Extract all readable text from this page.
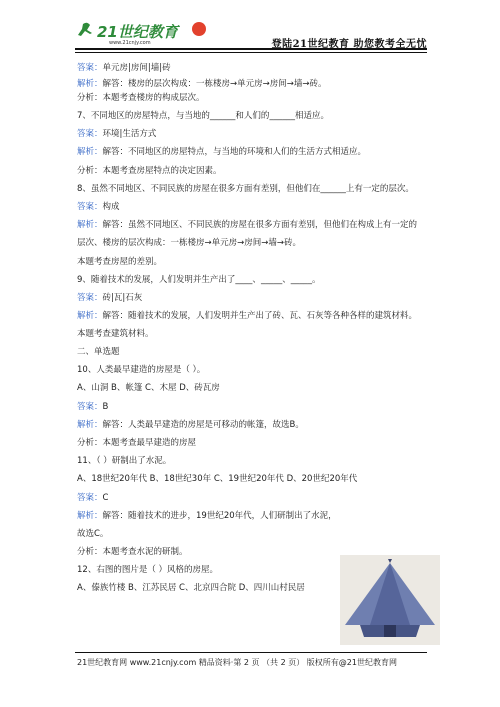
21世纪教育
www.21cnjy.com	登陆21世纪教育 助您教考全无忧
答案：单元房|房间|墙|砖
解析：解答：楼房的层次构成：一栋楼房→单元房→房间→墙→砖。
分析：本题考查楼房的构成层次。
7、不同地区的房屋特点，与当地的______和人们的______相适应。
答案：环境|生活方式
解析：解答：不同地区的房屋特点，与当地的环境和人们的生活方式相适应。
分析：本题考查房屋特点的决定因素。
8、虽然不同地区、不同民族的房屋在很多方面有差别，但他们在______上有一定的层次。
答案：构成
解析：解答：虽然不同地区、不同民族的房屋在很多方面有差别，但他们在构成上有一定的
层次、楼房的层次构成：一栋楼房→单元房→房间→墙→砖。
本题考查房屋的差别。
9、随着技术的发展，人们发明并生产出了____、_____、_____。
答案：砖|瓦|石灰
解析：解答：随着技术的发展，人们发明并生产出了砖、瓦、石灰等各种各样的建筑材料。
本题考查建筑材料。
二、单选题
10、人类最早建造的房屋是（ ）。
A、山洞 B、帐篷 C、木屋 D、砖瓦房
答案：B
解析：解答：人类最早建造的房屋是可移动的帐篷，故选B。
分析：本题考查最早建造的房屋
11、（ ）研制出了水泥。
A、18世纪20年代 B、18世纪30年 C、19世纪20年代 D、20世纪20年代
答案：C
解析：解答：随着技术的进步，19世纪20年代，人们研制出了水泥，
故选C。
分析：本题考查水泥的研制。
12、右图的图片是（ ）风格的房屋。
A、傣族竹楼 B、江苏民居 C、北京四合院 D、四川山村民居
21世纪教育网 www.21cnjy.com 精品资料·第 2 页 （共 2 页） 版权所有@21世纪教育网
